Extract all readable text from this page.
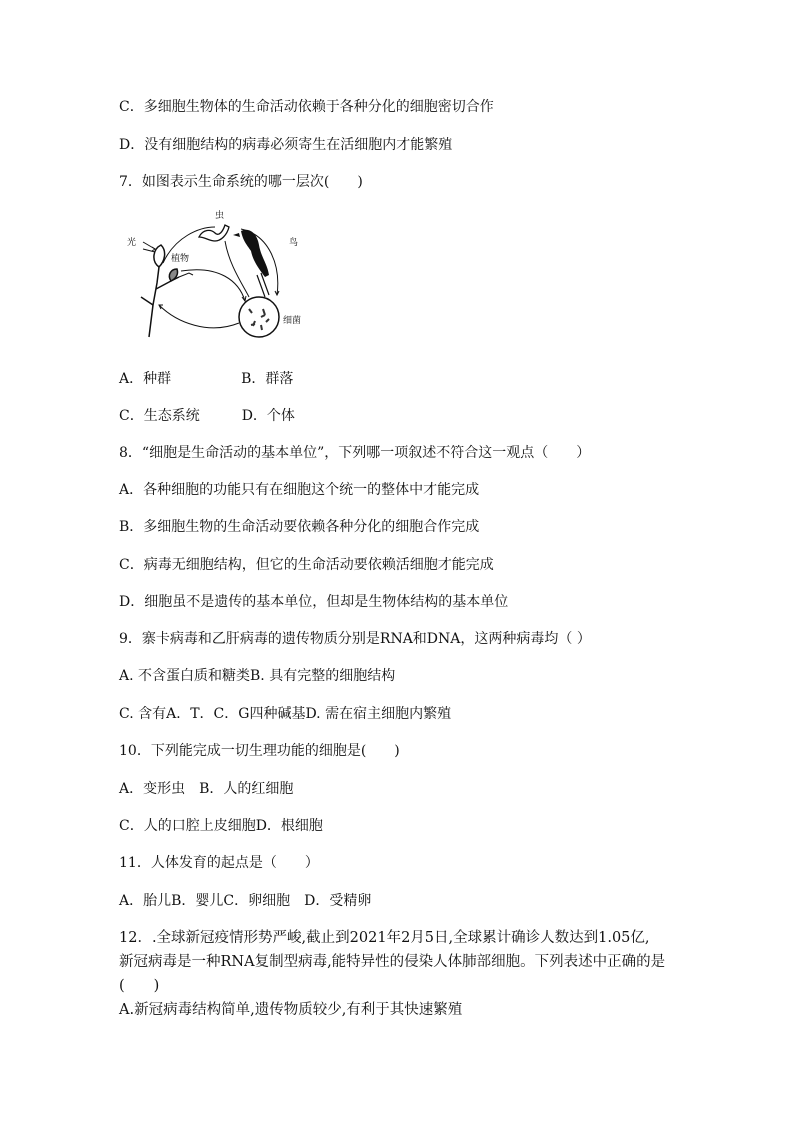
C．多细胞生物体的生命活动依赖于各种分化的细胞密切合作
D．没有细胞结构的病毒必须寄生在活细胞内才能繁殖
7．如图表示生命系统的哪一层次(　　)
光
虫
鸟
植物
细菌
A．种群　　　　　B．群落
C．生态系统　　　D．个体
8．“细胞是生命活动的基本单位”，下列哪一项叙述不符合这一观点（　　）
A．各种细胞的功能只有在细胞这个统一的整体中才能完成
B．多细胞生物的生命活动要依赖各种分化的细胞合作完成
C．病毒无细胞结构，但它的生命活动要依赖活细胞才能完成
D．细胞虽不是遗传的基本单位，但却是生物体结构的基本单位
9．寨卡病毒和乙肝病毒的遗传物质分别是RNA和DNA，这两种病毒均（ ）
A. 不含蛋白质和糖类B. 具有完整的细胞结构
C. 含有A．T．C．G四种碱基D. 需在宿主细胞内繁殖
10．下列能完成一切生理功能的细胞是(　　)
A．变形虫　B．人的红细胞
C．人的口腔上皮细胞D．根细胞
11．人体发育的起点是（　　）
A．胎儿B．婴儿C．卵细胞　D．受精卵
12．.全球新冠疫情形势严峻,截止到2021年2月5日,全球累计确诊人数达到1.05亿,
新冠病毒是一种RNA复制型病毒,能特异性的侵染人体肺部细胞。下列表述中正确的是
(　　)
A.新冠病毒结构简单,遗传物质较少,有利于其快速繁殖
